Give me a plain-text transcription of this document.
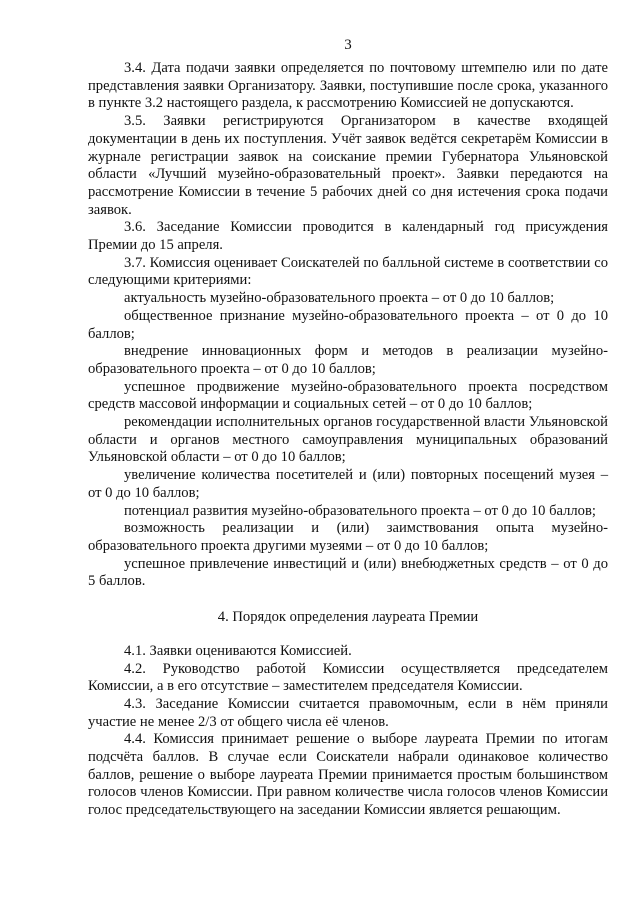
3

3.4. Дата подачи заявки определяется по почтовому штемпелю или по дате представления заявки Организатору. Заявки, поступившие после срока, указанного в пункте 3.2 настоящего раздела, к рассмотрению Комиссией не допускаются.

3.5. Заявки регистрируются Организатором в качестве входящей документации в день их поступления. Учёт заявок ведётся секретарём Комиссии в журнале регистрации заявок на соискание премии Губернатора Ульяновской области «Лучший музейно-образовательный проект». Заявки передаются на рассмотрение Комиссии в течение 5 рабочих дней со дня истечения срока подачи заявок.

3.6. Заседание Комиссии проводится в календарный год присуждения Премии до 15 апреля.

3.7. Комиссия оценивает Соискателей по балльной системе в соответствии со следующими критериями:

актуальность музейно-образовательного проекта – от 0 до 10 баллов;

общественное признание музейно-образовательного проекта – от 0 до 10 баллов;

внедрение инновационных форм и методов в реализации музейно-образовательного проекта – от 0 до 10 баллов;

успешное продвижение музейно-образовательного проекта посредством средств массовой информации и социальных сетей – от 0 до 10 баллов;

рекомендации исполнительных органов государственной власти Ульяновской области и органов местного самоуправления муниципальных образований Ульяновской области – от 0 до 10 баллов;

увеличение количества посетителей и (или) повторных посещений музея – от 0 до 10 баллов;

потенциал развития музейно-образовательного проекта – от 0 до 10 баллов;

возможность реализации и (или) заимствования опыта музейно-образовательного проекта другими музеями – от 0 до 10 баллов;

успешное привлечение инвестиций и (или) внебюджетных средств – от 0 до 5 баллов.

4. Порядок определения лауреата Премии

4.1. Заявки оцениваются Комиссией.

4.2. Руководство работой Комиссии осуществляется председателем Комиссии, а в его отсутствие – заместителем председателя Комиссии.

4.3. Заседание Комиссии считается правомочным, если в нём приняли участие не менее 2/3 от общего числа её членов.

4.4. Комиссия принимает решение о выборе лауреата Премии по итогам подсчёта баллов. В случае если Соискатели набрали одинаковое количество баллов, решение о выборе лауреата Премии принимается простым большинством голосов членов Комиссии. При равном количестве числа голосов членов Комиссии голос председательствующего на заседании Комиссии является решающим.
